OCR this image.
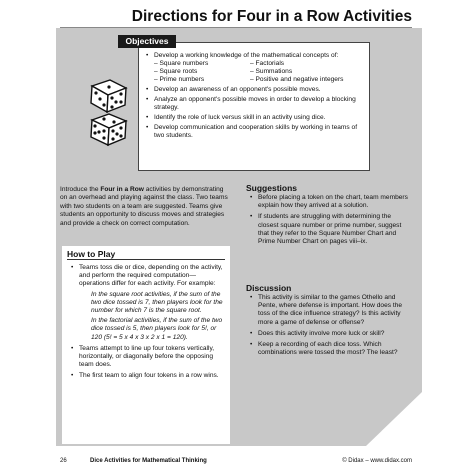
Directions for Four in a Row Activities
Objectives
• Develop a working knowledge of the mathematical concepts of:
– Square numbers	– Factorials
– Square roots	– Summations
– Prime numbers	– Positive and negative integers
• Develop an awareness of an opponent's possible moves.
• Analyze an opponent's possible moves in order to develop a blocking strategy.
• Identify the role of luck versus skill in an activity using dice.
• Develop communication and cooperation skills by working in teams of two students.
Introduce the Four in a Row activities by demonstrating on an overhead and playing against the class. Two teams with two students on a team are suggested. Teams give students an opportunity to discuss moves and strategies and provide a check on correct computation.
How to Play
• Teams toss die or dice, depending on the activity, and perform the required computation—operations differ for each activity. For example:
In the square root activities, if the sum of the two dice tossed is 7, then players look for the number for which 7 is the square root.
In the factorial activities, if the sum of the two dice tossed is 5, then players look for 5!, or 120 (5! = 5 x 4 x 3 x 2 x 1 = 120).
• Teams attempt to line up four tokens vertically, horizontally, or diagonally before the opposing team does.
• The first team to align four tokens in a row wins.
Suggestions
• Before placing a token on the chart, team members explain how they arrived at a solution.
• If students are struggling with determining the closest square number or prime number, suggest that they refer to the Square Number Chart and Prime Number Chart on pages viii–ix.
Discussion
• This activity is similar to the games Othello and Pente, where defense is important. How does the toss of the dice influence strategy? Is this activity more a game of defense or offense?
• Does this activity involve more luck or skill?
• Keep a recording of each dice toss. Which combinations were tossed the most? The least?
26	Dice Activities for Mathematical Thinking	© Didax – www.didax.com
